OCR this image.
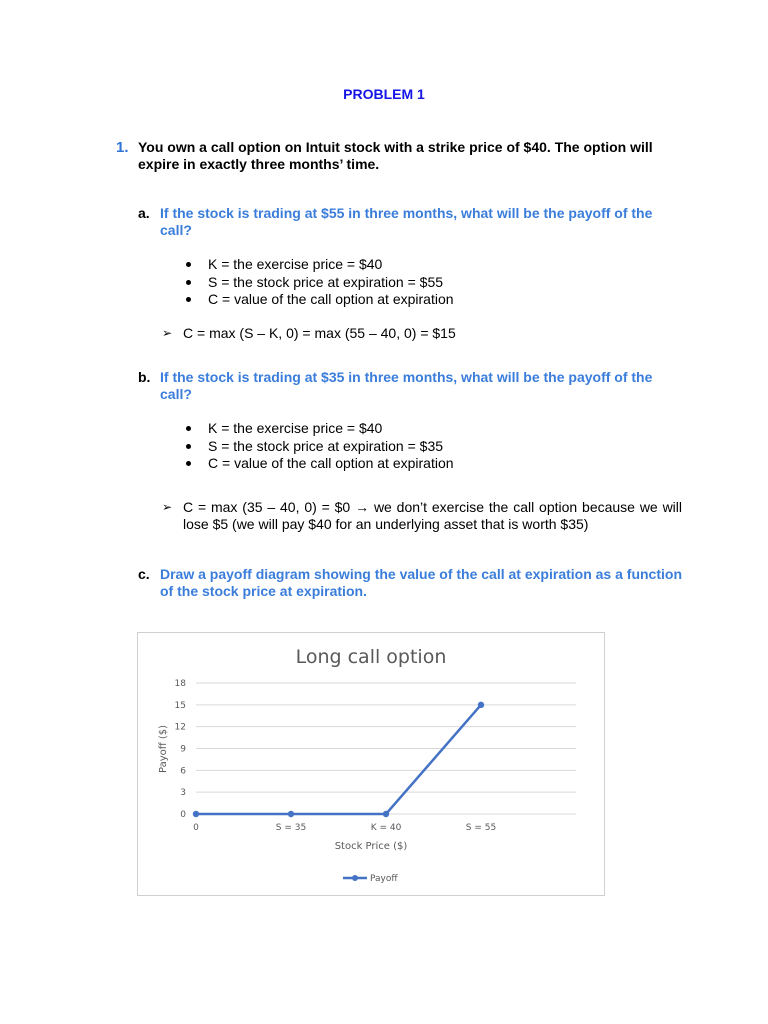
PROBLEM 1
1. You own a call option on Intuit stock with a strike price of $40. The option will expire in exactly three months’ time.
a. If the stock is trading at $55 in three months, what will be the payoff of the call?
K = the exercise price = $40
S = the stock price at expiration = $55
C = value of the call option at expiration
➢ C = max (S – K, 0) = max (55 – 40, 0) = $15
b. If the stock is trading at $35 in three months, what will be the payoff of the call?
K = the exercise price = $40
S = the stock price at expiration = $35
C = value of the call option at expiration
➢ C = max (35 – 40, 0) = $0 → we don’t exercise the call option because we will lose $5 (we will pay $40 for an underlying asset that is worth $35)
c. Draw a payoff diagram showing the value of the call at expiration as a function of the stock price at expiration.
Long call option
0
3
6
9
12
15
18
0	S = 35	K = 40	S = 55
Stock Price ($)
Payoff ($)
Payoff
